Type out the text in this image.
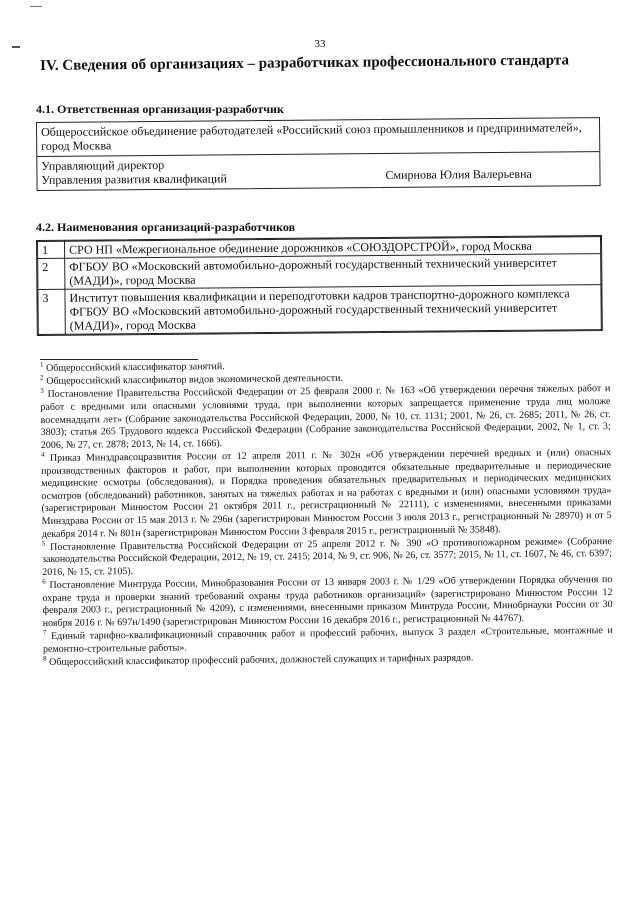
33
IV. Сведения об организациях – разработчиках профессионального стандарта
4.1. Ответственная организация-разработчик
Общероссийское объединение работодателей «Российский союз промышленников и предпринимателей», город Москва
Управляющий директор
Управления развития квалификаций	Смирнова Юлия Валерьевна
4.2. Наименования организаций-разработчиков
1	СРО НП «Межрегиональное обединение дорожников «СОЮЗДОРСТРОЙ», город Москва
2	ФГБОУ ВО «Московский автомобильно-дорожный государственный технический университет (МАДИ)», город Москва
3	Институт повышения квалификации и переподготовки кадров транспортно-дорожного комплекса ФГБОУ ВО «Московский автомобильно-дорожный государственный технический университет (МАДИ)», город Москва

$^1$ Общероссийский классификатор занятий.

$^2$ Общероссийский классификатор видов экономической деятельности.

$^3$ Постановление Правительства Российской Федерации от 25 февраля 2000 г. № 163 «Об утверждении перечня тяжелых работ и работ с вредными или опасными условиями труда, при выполнении которых запрещается применение труда лиц моложе восемнадцати лет» (Собрание законодательства Российской Федерации, 2000, № 10, ст. 1131; 2001, № 26, ст. 2685; 2011, № 26, ст. 3803); статья 265 Трудового кодекса Российской Федерации (Собрание законодательства Российской Федерации, 2002, № 1, ст. 3; 2006, № 27, ст. 2878; 2013, № 14, ст. 1666).

$^4$ Приказ Минздравсоцразвития России от 12 апреля 2011 г. № 302н «Об утверждении перечней вредных и (или) опасных производственных факторов и работ, при выполнении которых проводятся обязательные предварительные и периодические медицинские осмотры (обследования), и Порядка проведения обязательных предварительных и периодических медицинских осмотров (обследований) работников, занятых на тяжелых работах и на работах с вредными и (или) опасными условиями труда» (зарегистрирован Минюстом России 21 октября 2011 г., регистрационный № 22111), с изменениями, внесенными приказами Минздрава России от 15 мая 2013 г. № 296н (зарегистрирован Минюстом России 3 июля 2013 г., регистрационный № 28970) и от 5 декабря 2014 г. № 801н (зарегистрирован Минюстом России 3 февраля 2015 г., регистрационный № 35848).

$^5$ Постановление Правительства Российской Федерации от 25 апреля 2012 г. № 390 «О противопожарном режиме» (Собрание законодательства Российской Федерации, 2012, № 19, ст. 2415; 2014, № 9, ст. 906, № 26, ст. 3577; 2015, № 11, ст. 1607, № 46, ст. 6397; 2016, № 15, ст. 2105).

$^6$ Постановление Минтруда России, Минобразования России от 13 января 2003 г. № 1/29 «Об утверждении Порядка обучения по охране труда и проверки знаний требований охраны труда работников организаций» (зарегистрировано Минюстом России 12 февраля 2003 г., регистрационный № 4209), с изменениями, внесенными приказом Минтруда России, Минобрнауки России от 30 ноября 2016 г. № 697н/1490 (зарегистрирован Минюстом России 16 декабря 2016 г., регистрационный № 44767).

$^7$ Единый тарифно-квалификационный справочник работ и профессий рабочих, выпуск 3 раздел «Строительные, монтажные и ремонтно-строительные работы».

$^8$ Общероссийский классификатор профессий рабочих, должностей служащих и тарифных разрядов.
